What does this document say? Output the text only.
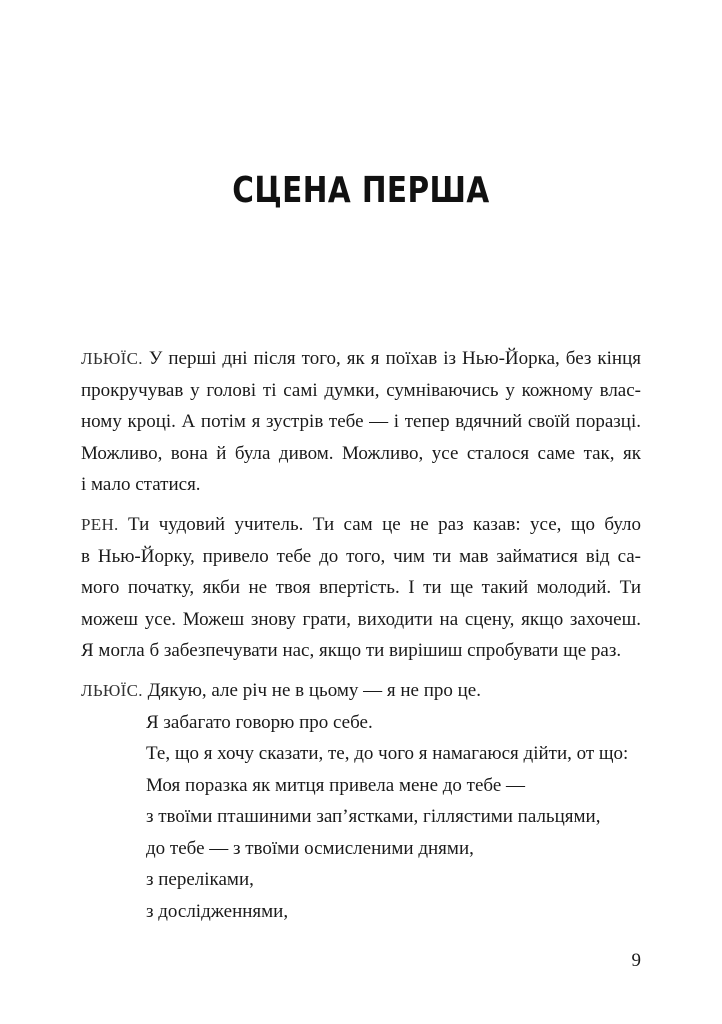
СЦЕНА ПЕРША
ЛЬЮЇС. У перші дні після того, як я поїхав із Нью-Йорка, без кінця
прокручував у голові ті самі думки, сумніваючись у кожному влас-
ному кроці. А потім я зустрів тебе — і тепер вдячний своїй поразці.
Можливо, вона й була дивом. Можливо, усе сталося саме так, як
і мало статися.
РЕН. Ти чудовий учитель. Ти сам це не раз казав: усе, що було
в Нью-Йорку, привело тебе до того, чим ти мав займатися від са-
мого початку, якби не твоя впертість. І ти ще такий молодий. Ти
можеш усе. Можеш знову грати, виходити на сцену, якщо захочеш.
Я могла б забезпечувати нас, якщо ти вирішиш спробувати ще раз.
ЛЬЮЇС. Дякую, але річ не в цьому — я не про це.
Я забагато говорю про себе.
Те, що я хочу сказати, те, до чого я намагаюся дійти, от що:
Моя поразка як митця привела мене до тебе —
з твоїми пташиними зап’ястками, гіллястими пальцями,
до тебе — з твоїми осмисленими днями,
з переліками,
з дослідженнями,
9
